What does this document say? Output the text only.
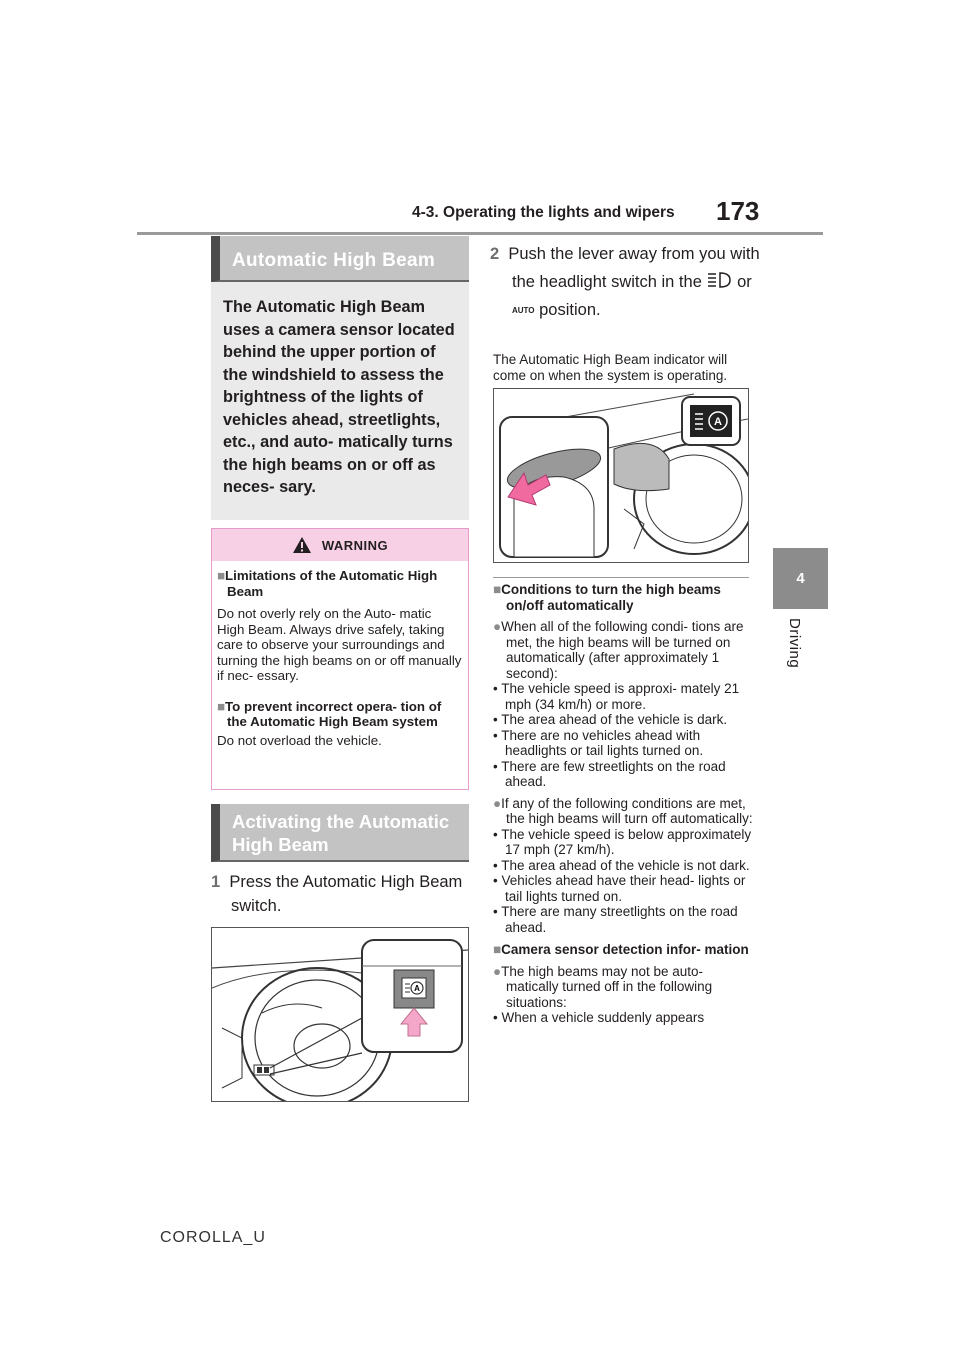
4-3. Operating the lights and wipers 173
4
Driving
Automatic High Beam
The Automatic High Beam uses a camera sensor located behind the upper portion of the windshield to assess the brightness of the lights of vehicles ahead, streetlights, etc., and auto- matically turns the high beams on or off as neces- sary.
WARNING
■Limitations of the Automatic High Beam
Do not overly rely on the Auto- matic High Beam. Always drive safely, taking care to observe your surroundings and turning the high beams on or off manually if nec- essary.
■To prevent incorrect opera- tion of the Automatic High Beam system
Do not overload the vehicle.
Activating the Automatic High Beam
1 Press the Automatic High Beam switch.
A
2 Push the lever away from you with the headlight switch in the or AUTO position.
The Automatic High Beam indicator will come on when the system is operating.
A
■Conditions to turn the high beams on/off automatically
●When all of the following condi- tions are met, the high beams will be turned on automatically (after approximately 1 second):
• The vehicle speed is approxi- mately 21 mph (34 km/h) or more.
• The area ahead of the vehicle is dark.
• There are no vehicles ahead with headlights or tail lights turned on.
• There are few streetlights on the road ahead.
●If any of the following conditions are met, the high beams will turn off automatically:
• The vehicle speed is below approximately 17 mph (27 km/h).
• The area ahead of the vehicle is not dark.
• Vehicles ahead have their head- lights or tail lights turned on.
• There are many streetlights on the road ahead.
■Camera sensor detection infor- mation
●The high beams may not be auto- matically turned off in the following situations:
• When a vehicle suddenly appears
COROLLA_U
